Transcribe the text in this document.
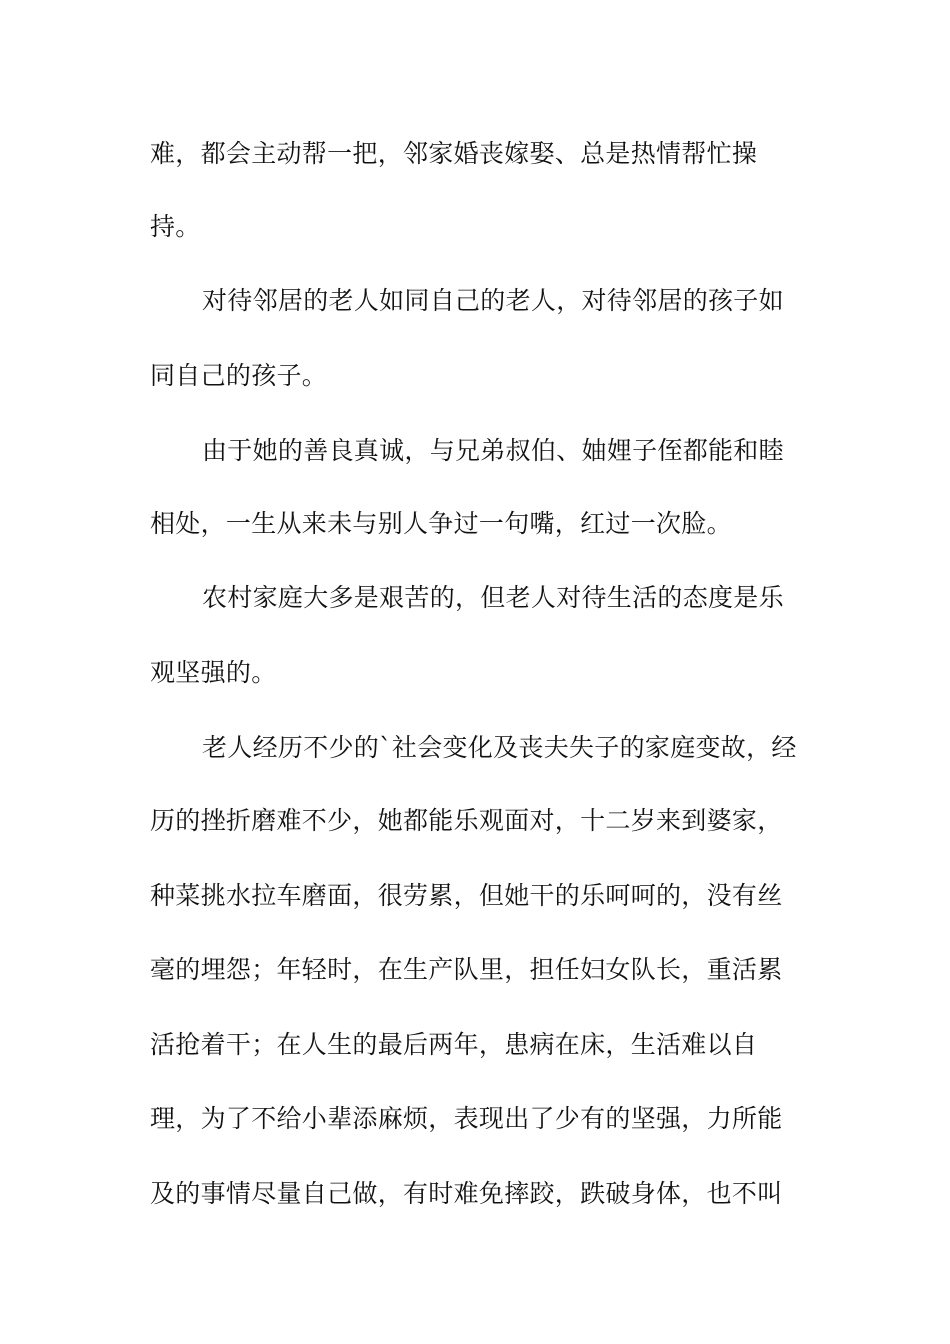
难，都会主动帮一把，邻家婚丧嫁娶、总是热情帮忙操
持。
对待邻居的老人如同自己的老人，对待邻居的孩子如
同自己的孩子。
由于她的善良真诚，与兄弟叔伯、妯娌子侄都能和睦
相处，一生从来未与别人争过一句嘴，红过一次脸。
农村家庭大多是艰苦的，但老人对待生活的态度是乐
观坚强的。
老人经历不少的`社会变化及丧夫失子的家庭变故，经
历的挫折磨难不少，她都能乐观面对，十二岁来到婆家，
种菜挑水拉车磨面，很劳累，但她干的乐呵呵的，没有丝
毫的埋怨；年轻时，在生产队里，担任妇女队长，重活累
活抢着干；在人生的最后两年，患病在床，生活难以自
理，为了不给小辈添麻烦，表现出了少有的坚强，力所能
及的事情尽量自己做，有时难免摔跤，跌破身体，也不叫
